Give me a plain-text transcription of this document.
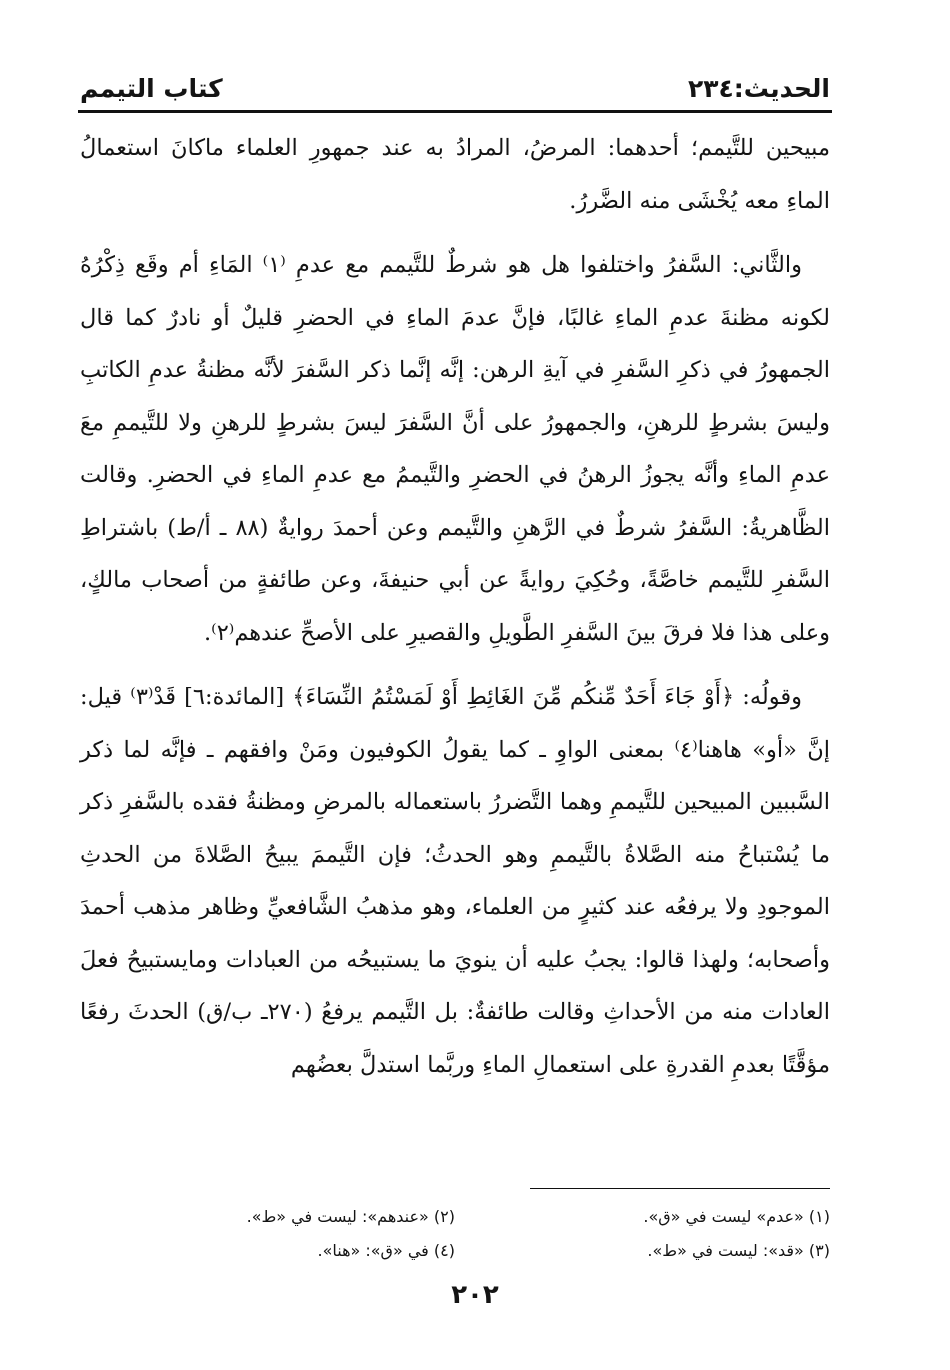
الحديث:٢٣٤
كتاب التيمم

مبيحين للتَّيمم؛ أحدهما: المرضُ، المرادُ به عند جمهورِ العلماء ماكانَ استعمالُ الماءِ معه يُخْشَى منه الضَّررُ.

والثَّاني: السَّفرُ واختلفوا هل هو شرطٌ للتَّيمم مع عدمِ ⁽١⁾ المَاءِ أم وقَع ذِكْرُهُ لكونه مظنةَ عدمِ الماءِ غالبًا، فإنَّ عدمَ الماءِ في الحضرِ قليلٌ أو نادرٌ كما قال الجمهورُ في ذكرِ السَّفرِ في آيةِ الرهن: إنَّه إنَّما ذكر السَّفرَ لأنَّه مظنةُ عدمِ الكاتبِ وليسَ بشرطٍ للرهنِ، والجمهورُ على أنَّ السَّفرَ ليسَ بشرطٍ للرهنِ ولا للتَّيممِ معَ عدمِ الماءِ وأنَّه يجوزُ الرهنُ في الحضرِ والتَّيممُ مع عدمِ الماءِ في الحضرِ. وقالت الظَّاهريةُ: السَّفرُ شرطٌ في الرَّهنِ والتَّيمم وعن أحمدَ روايةٌ (٨٨ ـ أ/ط) باشتراطِ السَّفرِ للتَّيمم خاصَّةً، وحُكِيَ روايةً عن أبي حنيفةَ، وعن طائفةٍ من أصحاب مالكٍ، وعلى هذا فلا فرقَ بينَ السَّفرِ الطَّويلِ والقصيرِ على الأصحِّ عندهم⁽٢⁾.

وقولُه: ﴿أَوْ جَاءَ أَحَدٌ مِّنكُم مِّنَ الغَائِطِ أَوْ لَمَسْتُمُ النِّسَاءَ﴾ [المائدة:٦] قَدْ⁽٣⁾ قيل: إنَّ «أو» هاهنا⁽٤⁾ بمعنى الواوِ ـ كما يقولُ الكوفيون ومَنْ وافقهم ـ فإنَّه لما ذكر السَّببين المبيحين للتَّيممِ وهما التَّضررُ باستعماله بالمرضِ ومظنةُ فقده بالسَّفرِ ذكر ما يُسْتباحُ منه الصَّلاةُ بالتَّيممِ وهو الحدثُ؛ فإن التَّيممَ يبيحُ الصَّلاةَ من الحدثِ الموجودِ ولا يرفعُه عند كثيرٍ من العلماء، وهو مذهبُ الشَّافعيِّ وظاهر مذهب أحمدَ وأصحابه؛ ولهذا قالوا: يجبُ عليه أن ينويَ ما يستبيحُه من العبادات ومايستبيحُ فعلَ العادات منه من الأحداثِ وقالت طائفةٌ: بل التَّيمم يرفعُ (٢٧٠ـ ب/ق) الحدثَ رفعًا مؤقَّتًا بعدمِ القدرةِ على استعمالِ الماءِ وربَّما استدلَّ بعضُهم

(١) «عدم» ليست في «ق».
(٢) «عندهم»: ليست في «ط».
(٣) «قد»: ليست في «ط».
(٤) في «ق»: «هنا».
٢٠٢
